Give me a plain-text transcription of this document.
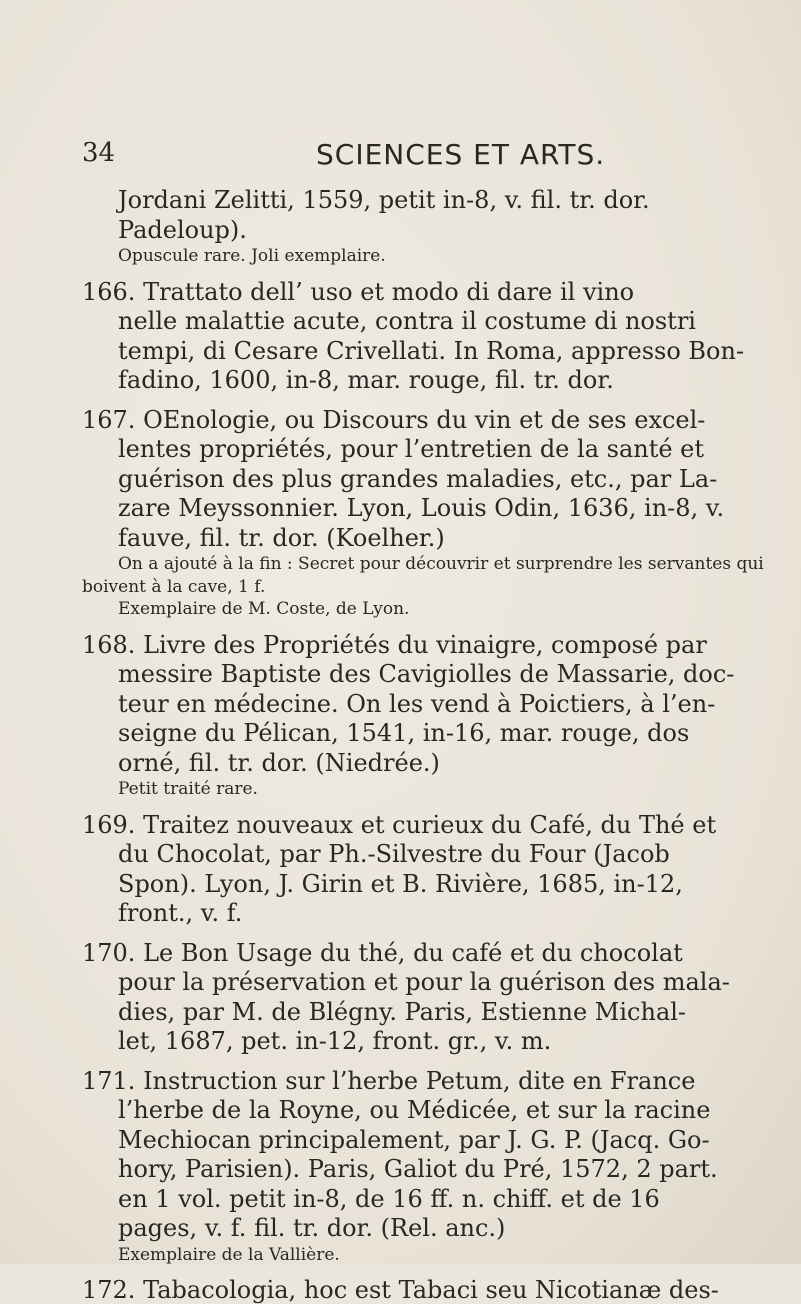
34	SCIENCES ET ARTS.
Jordani Zelitti, 1559, petit in-8, v. fil. tr. dor.
Padeloup).
Opuscule rare. Joli exemplaire.
166. Trattato dell’ uso et modo di dare il vino
nelle malattie acute, contra il costume di nostri
tempi, di Cesare Crivellati. In Roma, appresso Bon-
fadino, 1600, in-8, mar. rouge, fil. tr. dor.
167. OEnologie, ou Discours du vin et de ses excel-
lentes propriétés, pour l’entretien de la santé et
guérison des plus grandes maladies, etc., par La-
zare Meyssonnier. Lyon, Louis Odin, 1636, in-8, v.
fauve, fil. tr. dor. (Koelher.)
On a ajouté à la fin : Secret pour découvrir et surprendre les servantes qui
boivent à la cave, 1 f.
Exemplaire de M. Coste, de Lyon.
168. Livre des Propriétés du vinaigre, composé par
messire Baptiste des Cavigiolles de Massarie, doc-
teur en médecine. On les vend à Poictiers, à l’en-
seigne du Pélican, 1541, in-16, mar. rouge, dos
orné, fil. tr. dor. (Niedrée.)
Petit traité rare.
169. Traitez nouveaux et curieux du Café, du Thé et
du Chocolat, par Ph.-Silvestre du Four (Jacob
Spon). Lyon, J. Girin et B. Rivière, 1685, in-12,
front., v. f.
170. Le Bon Usage du thé, du café et du chocolat
pour la préservation et pour la guérison des mala-
dies, par M. de Blégny. Paris, Estienne Michal-
let, 1687, pet. in-12, front. gr., v. m.
171. Instruction sur l’herbe Petum, dite en France
l’herbe de la Royne, ou Médicée, et sur la racine
Mechiocan principalement, par J. G. P. (Jacq. Go-
hory, Parisien). Paris, Galiot du Pré, 1572, 2 part.
en 1 vol. petit in-8, de 16 ff. n. chiff. et de 16
pages, v. f. fil. tr. dor. (Rel. anc.)
Exemplaire de la Vallière.
172. Tabacologia, hoc est Tabaci seu Nicotianæ des-
